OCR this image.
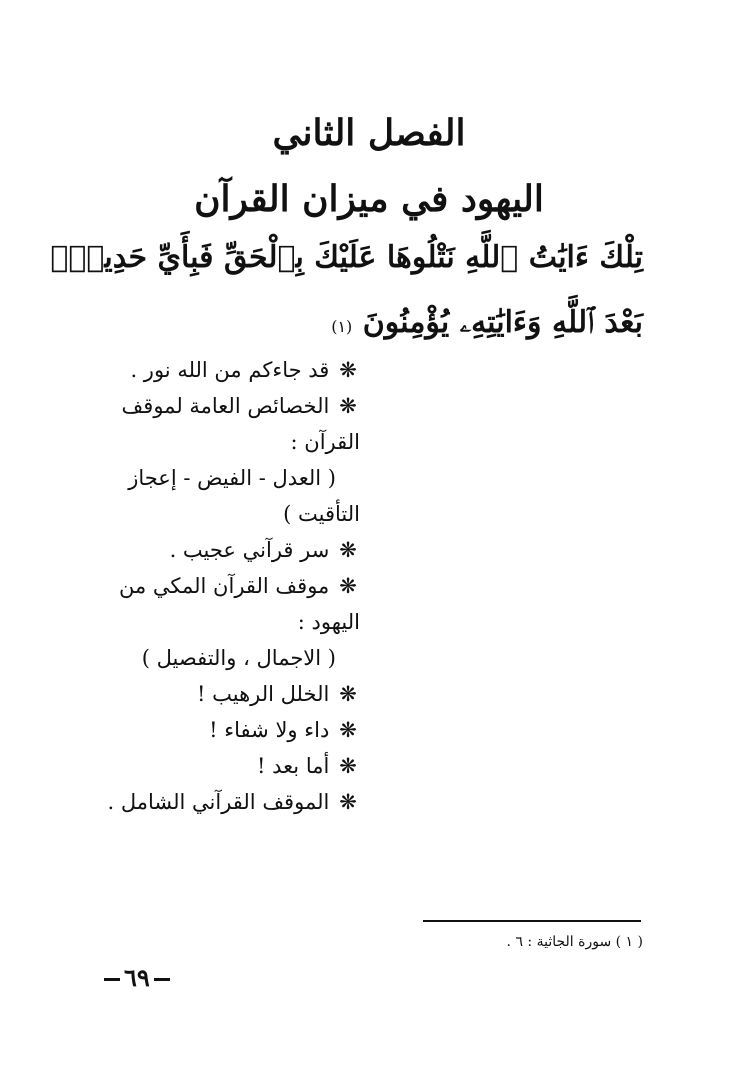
الفصل الثاني
اليهود في ميزان القرآن
تِلْكَ ءَايَٰتُ ٱللَّهِ نَتْلُوهَا عَلَيْكَ بِٱلْحَقِّ فَبِأَيِّ حَدِيثٍۭ
بَعْدَ ٱللَّهِ وَءَايَٰتِهِۦ يُؤْمِنُونَ (١)
❋ قد جاءكم من الله نور .
❋ الخصائص العامة لموقف
القرآن :
( العدل - الفيض - إعجاز
التأقيت )
❋ سر قرآني عجيب .
❋ موقف القرآن المكي من
اليهود :
( الاجمال ، والتفصيل )
❋ الخلل الرهيب !
❋ داء ولا شفاء !
❋ أما بعد !
❋ الموقف القرآني الشامل .
( ١ ) سورة الجاثية : ٦ .
٦٩
